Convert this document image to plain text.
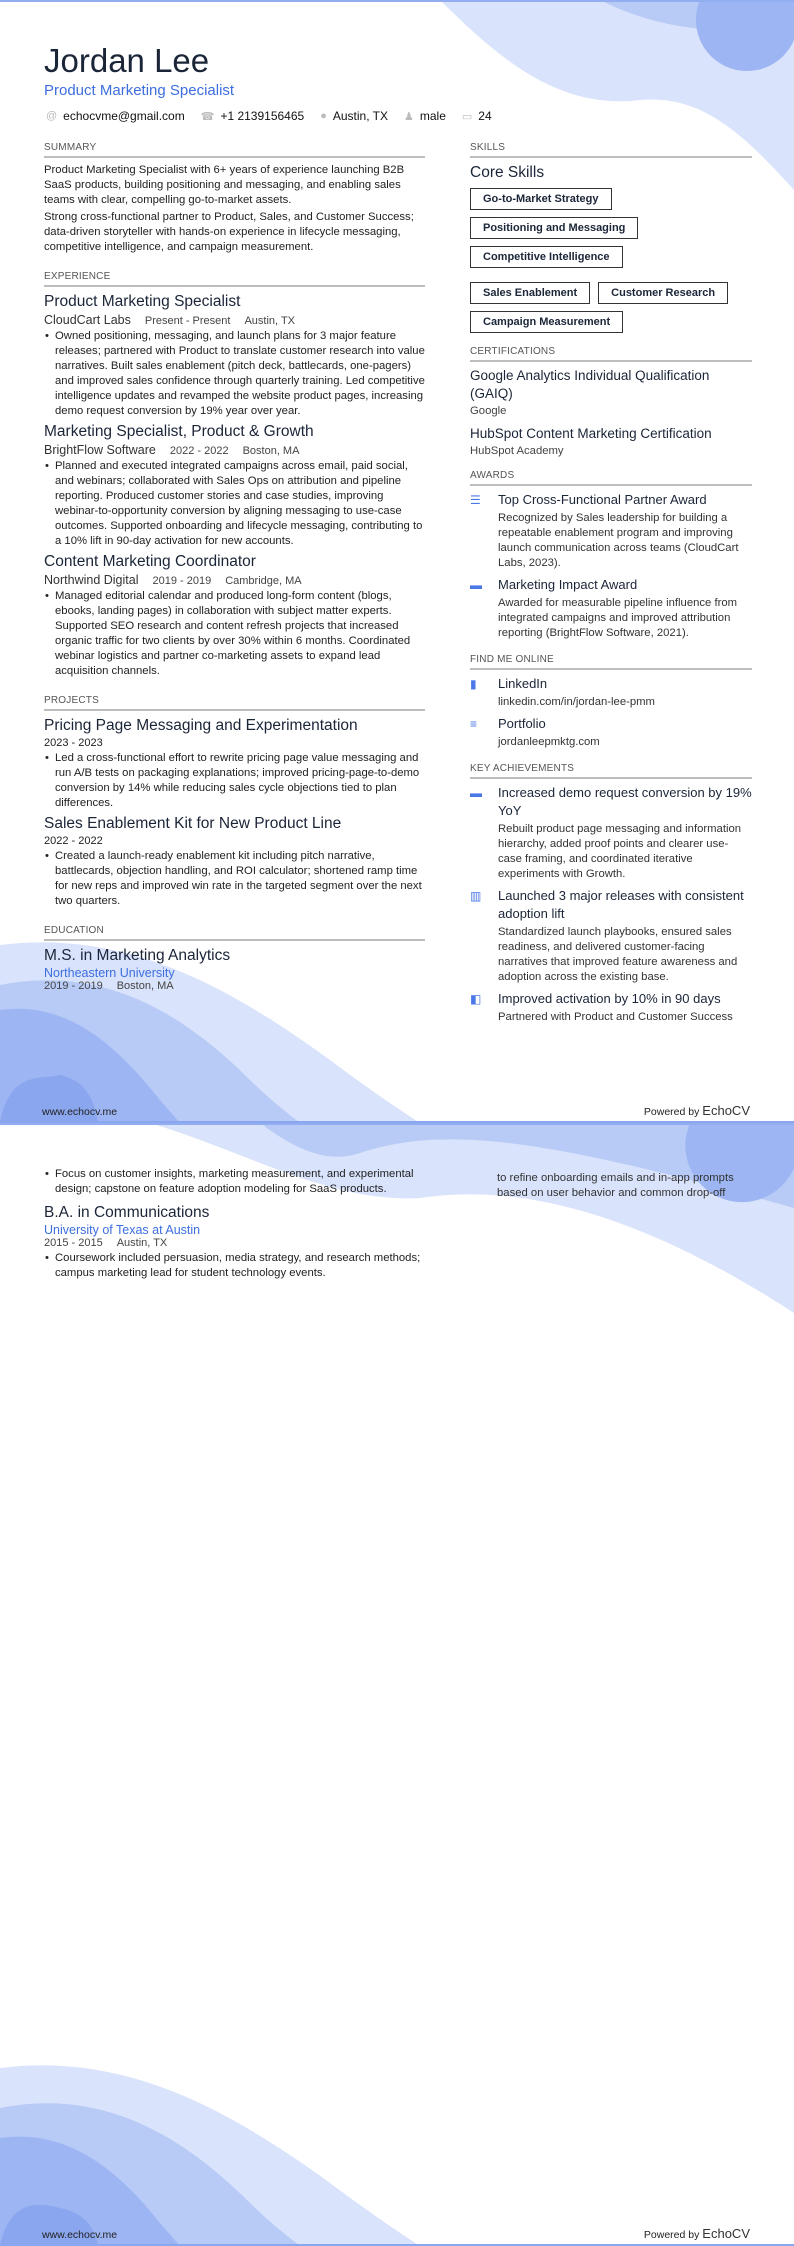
Jordan Lee
Product Marketing Specialist
@ echocvme@gmail.com ☎ +1 2139156465 ● Austin, TX ♟ male ▭ 24
SUMMARY

Product Marketing Specialist with 6+ years of experience launching B2B SaaS products, building positioning and messaging, and enabling sales teams with clear, compelling go-to-market assets.

Strong cross-functional partner to Product, Sales, and Customer Success; data-driven storyteller with hands-on experience in lifecycle messaging, competitive intelligence, and campaign measurement.

EXPERIENCE
Product Marketing Specialist
CloudCart Labs Present - Present Austin, TX
• Owned positioning, messaging, and launch plans for 3 major feature releases; partnered with Product to translate customer research into value narratives. Built sales enablement (pitch deck, battlecards, one-pagers) and improved sales confidence through quarterly training. Led competitive intelligence updates and revamped the website product pages, increasing demo request conversion by 19% year over year.
Marketing Specialist, Product & Growth
BrightFlow Software 2022 - 2022 Boston, MA
• Planned and executed integrated campaigns across email, paid social, and webinars; collaborated with Sales Ops on attribution and pipeline reporting. Produced customer stories and case studies, improving webinar-to-opportunity conversion by aligning messaging to use-case outcomes. Supported onboarding and lifecycle messaging, contributing to a 10% lift in 90-day activation for new accounts.
Content Marketing Coordinator
Northwind Digital 2019 - 2019 Cambridge, MA
• Managed editorial calendar and produced long-form content (blogs, ebooks, landing pages) in collaboration with subject matter experts. Supported SEO research and content refresh projects that increased organic traffic for two clients by over 30% within 6 months. Coordinated webinar logistics and partner co-marketing assets to expand lead acquisition channels.
PROJECTS
Pricing Page Messaging and Experimentation
2023 - 2023
• Led a cross-functional effort to rewrite pricing page value messaging and run A/B tests on packaging explanations; improved pricing-page-to-demo conversion by 14% while reducing sales cycle objections tied to plan differences.
Sales Enablement Kit for New Product Line
2022 - 2022
• Created a launch-ready enablement kit including pitch narrative, battlecards, objection handling, and ROI calculator; shortened ramp time for new reps and improved win rate in the targeted segment over the next two quarters.
EDUCATION
M.S. in Marketing Analytics
Northeastern University
2019 - 2019 Boston, MA
SKILLS
Core Skills
Go-to-Market Strategy
Positioning and Messaging
Competitive Intelligence
Sales Enablement	Customer Research
Campaign Measurement
CERTIFICATIONS
Google Analytics Individual Qualification (GAIQ)
Google
HubSpot Content Marketing Certification
HubSpot Academy
AWARDS
☰	Top Cross-Functional Partner Award
Recognized by Sales leadership for building a repeatable enablement program and improving launch communication across teams (CloudCart Labs, 2023).
▬	Marketing Impact Award
Awarded for measurable pipeline influence from integrated campaigns and improved attribution reporting (BrightFlow Software, 2021).
FIND ME ONLINE
▮	LinkedIn
linkedin.com/in/jordan-lee-pmm
≡	Portfolio
jordanleepmktg.com
KEY ACHIEVEMENTS
▬	Increased demo request conversion by 19% YoY
Rebuilt product page messaging and information hierarchy, added proof points and clearer use-case framing, and coordinated iterative experiments with Growth.
▥	Launched 3 major releases with consistent adoption lift
Standardized launch playbooks, ensured sales readiness, and delivered customer-facing narratives that improved feature awareness and adoption across the existing base.
◧	Improved activation by 10% in 90 days
Partnered with Product and Customer Success
www.echocv.me	Powered by EchoCV
• Focus on customer insights, marketing measurement, and experimental design; capstone on feature adoption modeling for SaaS products.
B.A. in Communications
University of Texas at Austin
2015 - 2015 Austin, TX
• Coursework included persuasion, media strategy, and research methods; campus marketing lead for student technology events.
to refine onboarding emails and in-app prompts based on user behavior and common drop-off
www.echocv.me	Powered by EchoCV
